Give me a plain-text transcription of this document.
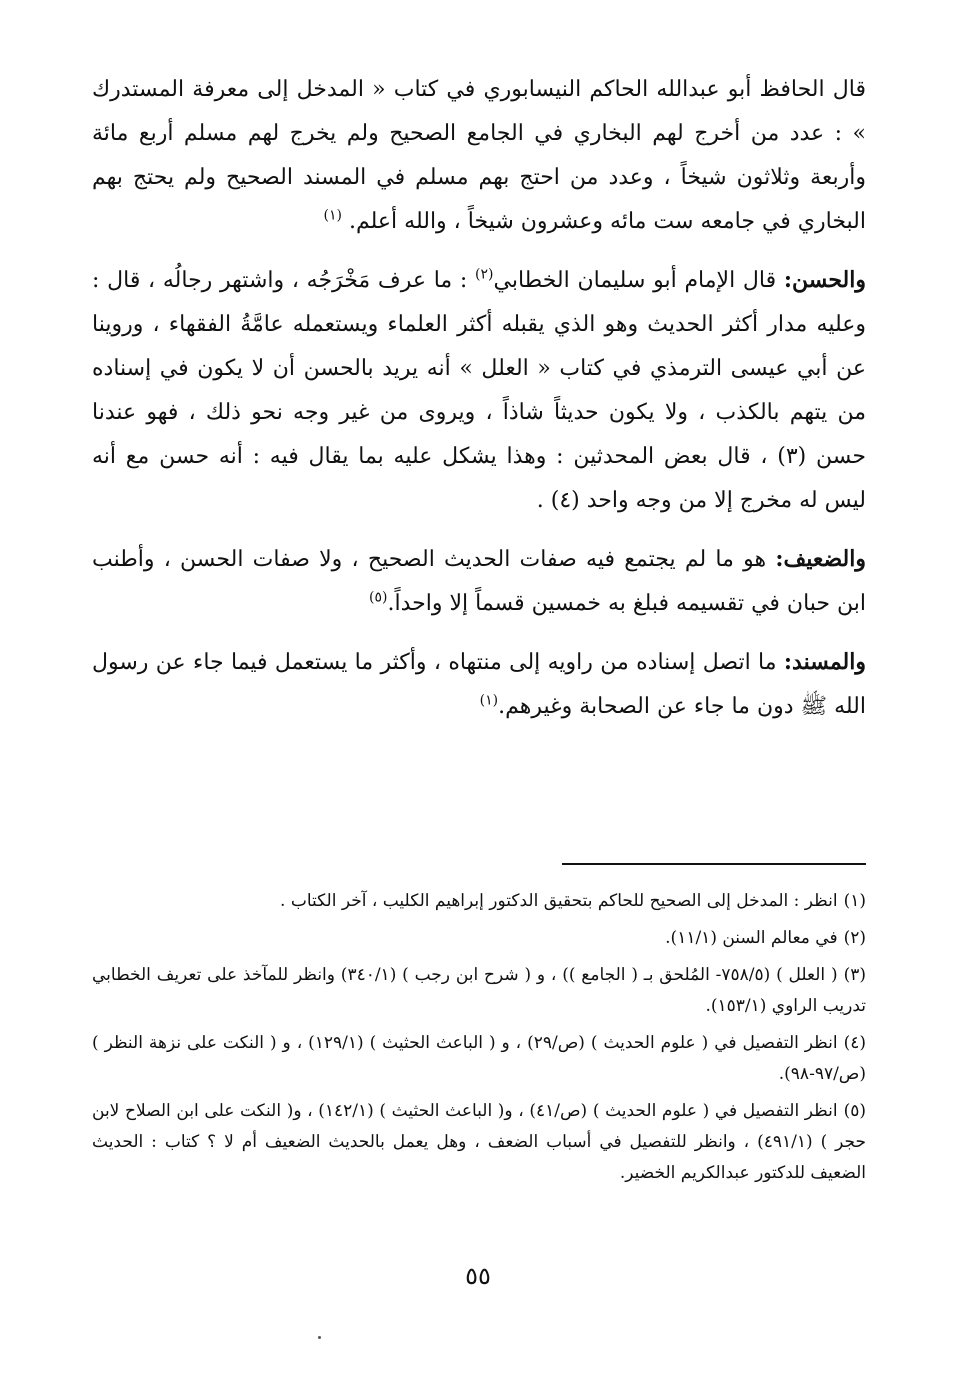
قال الحافظ أبو عبدالله الحاكم النيسابوري في كتاب « المدخل إلى معرفة المستدرك » : عدد من أخرج لهم البخاري في الجامع الصحيح ولم يخرج لهم مسلم أربع مائة وأربعة وثلاثون شيخاً ، وعدد من احتج بهم مسلم في المسند الصحيح ولم يحتج بهم البخاري في جامعه ست مائه وعشرون شيخاً ، والله أعلم. $^{(١)}$

والحسن: قال الإمام أبو سليمان الخطابي$^{(٢)}$ : ما عرف مَخْرَجُه ، واشتهر رجالُه ، قال : وعليه مدار أكثر الحديث وهو الذي يقبله أكثر العلماء ويستعمله عامَّةُ الفقهاء ، وروينا عن أبي عيسى الترمذي في كتاب « العلل » أنه يريد بالحسن أن لا يكون في إسناده من يتهم بالكذب ، ولا يكون حديثاً شاذاً ، ويروى من غير وجه نحو ذلك ، فهو عندنا حسن (٣) ، قال بعض المحدثين : وهذا يشكل عليه بما يقال فيه : أنه حسن مع أنه ليس له مخرج إلا من وجه واحد (٤) .

والضعيف: هو ما لم يجتمع فيه صفات الحديث الصحيح ، ولا صفات الحسن ، وأطنب ابن حبان في تقسيمه فبلغ به خمسين قسماً إلا واحداً.$^{(٥)}$

والمسند: ما اتصل إسناده من راويه إلى منتهاه ، وأكثر ما يستعمل فيما جاء عن رسول الله ﷺ دون ما جاء عن الصحابة وغيرهم.$^{(١)}$

(١)انظر : المدخل إلى الصحيح للحاكم بتحقيق الدكتور إبراهيم الكليب ، آخر الكتاب .

(٢)في معالم السنن (١١/١).

(٣)( العلل ) (٧٥٨/٥- المُلحق بـ ( الجامع )) ، و ( شرح ابن رجب ) (٣٤٠/١) وانظر للمآخذ على تعريف الخطابي تدريب الراوي (١٥٣/١).

(٤)انظر التفصيل في ( علوم الحديث ) (ص/٢٩) ، و ( الباعث الحثيث ) (١٢٩/١) ، و ( النكت على نزهة النظر ) (ص/٩٧-٩٨).

(٥)انظر التفصيل في ( علوم الحديث ) (ص/٤١) ، و( الباعث الحثيث ) (١٤٢/١) ، و( النكت على ابن الصلاح لابن حجر ) (٤٩١/١) ، وانظر للتفصيل في أسباب الضعف ، وهل يعمل بالحديث الضعيف أم لا ؟ كتاب : الحديث الضعيف للدكتور عبدالكريم الخضير.

٥٥
